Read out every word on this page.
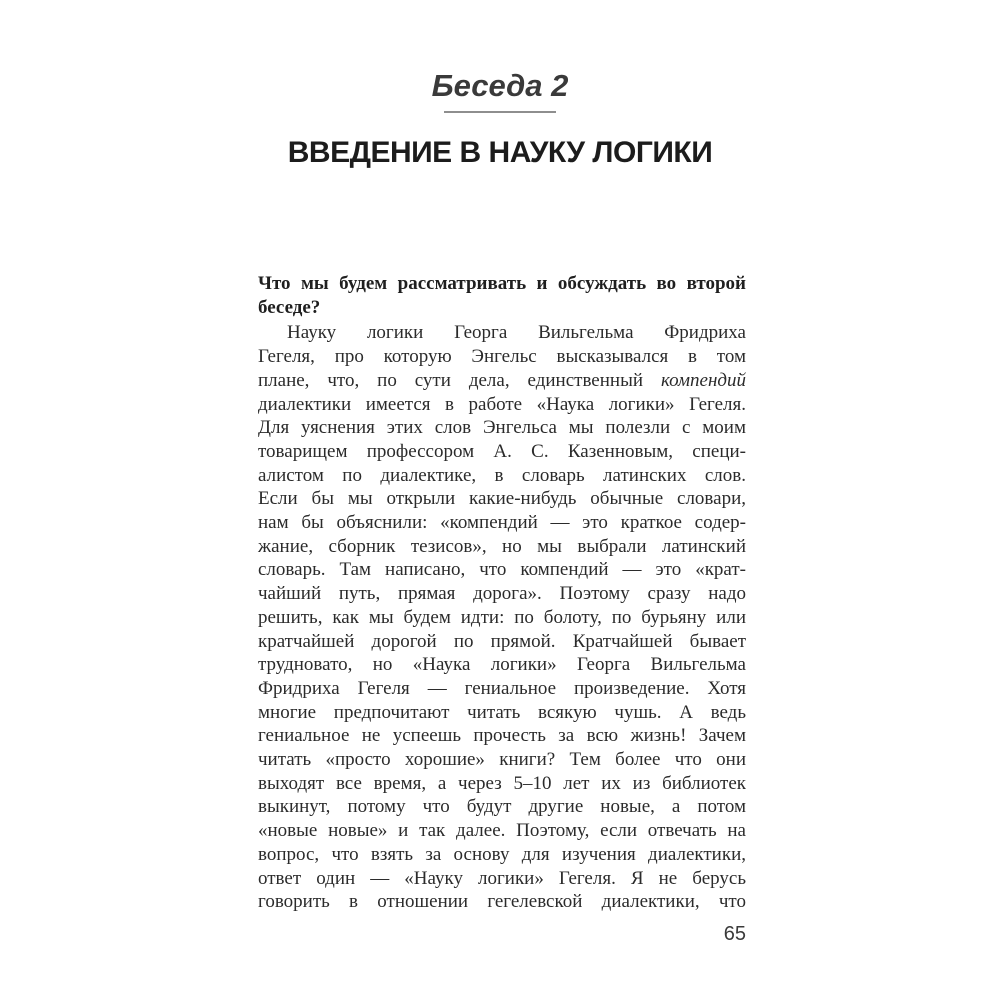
Беседа 2
ВВЕДЕНИЕ В НАУКУ ЛОГИКИ
Что мы будем рассматривать и обсуждать во второй
беседе?
Науку логики Георга Вильгельма Фридриха
Гегеля, про которую Энгельс высказывался в том
плане, что, по сути дела, единственный компендий
диалектики имеется в работе «Наука логики» Гегеля.
Для уяснения этих слов Энгельса мы полезли с моим
товарищем профессором А. С. Казенновым, специ-
алистом по диалектике, в словарь латинских слов.
Если бы мы открыли какие-нибудь обычные словари,
нам бы объяснили: «компендий — это краткое содер-
жание, сборник тезисов», но мы выбрали латинский
словарь. Там написано, что компендий — это «крат-
чайший путь, прямая дорога». Поэтому сразу надо
решить, как мы будем идти: по болоту, по бурьяну или
кратчайшей дорогой по прямой. Кратчайшей бывает
трудновато, но «Наука логики» Георга Вильгельма
Фридриха Гегеля — гениальное произведение. Хотя
многие предпочитают читать всякую чушь. А ведь
гениальное не успеешь прочесть за всю жизнь! Зачем
читать «просто хорошие» книги? Тем более что они
выходят все время, а через 5–10 лет их из библиотек
выкинут, потому что будут другие новые, а потом
«новые новые» и так далее. Поэтому, если отвечать на
вопрос, что взять за основу для изучения диалектики,
ответ один — «Науку логики» Гегеля. Я не берусь
говорить в отношении гегелевской диалектики, что
65
